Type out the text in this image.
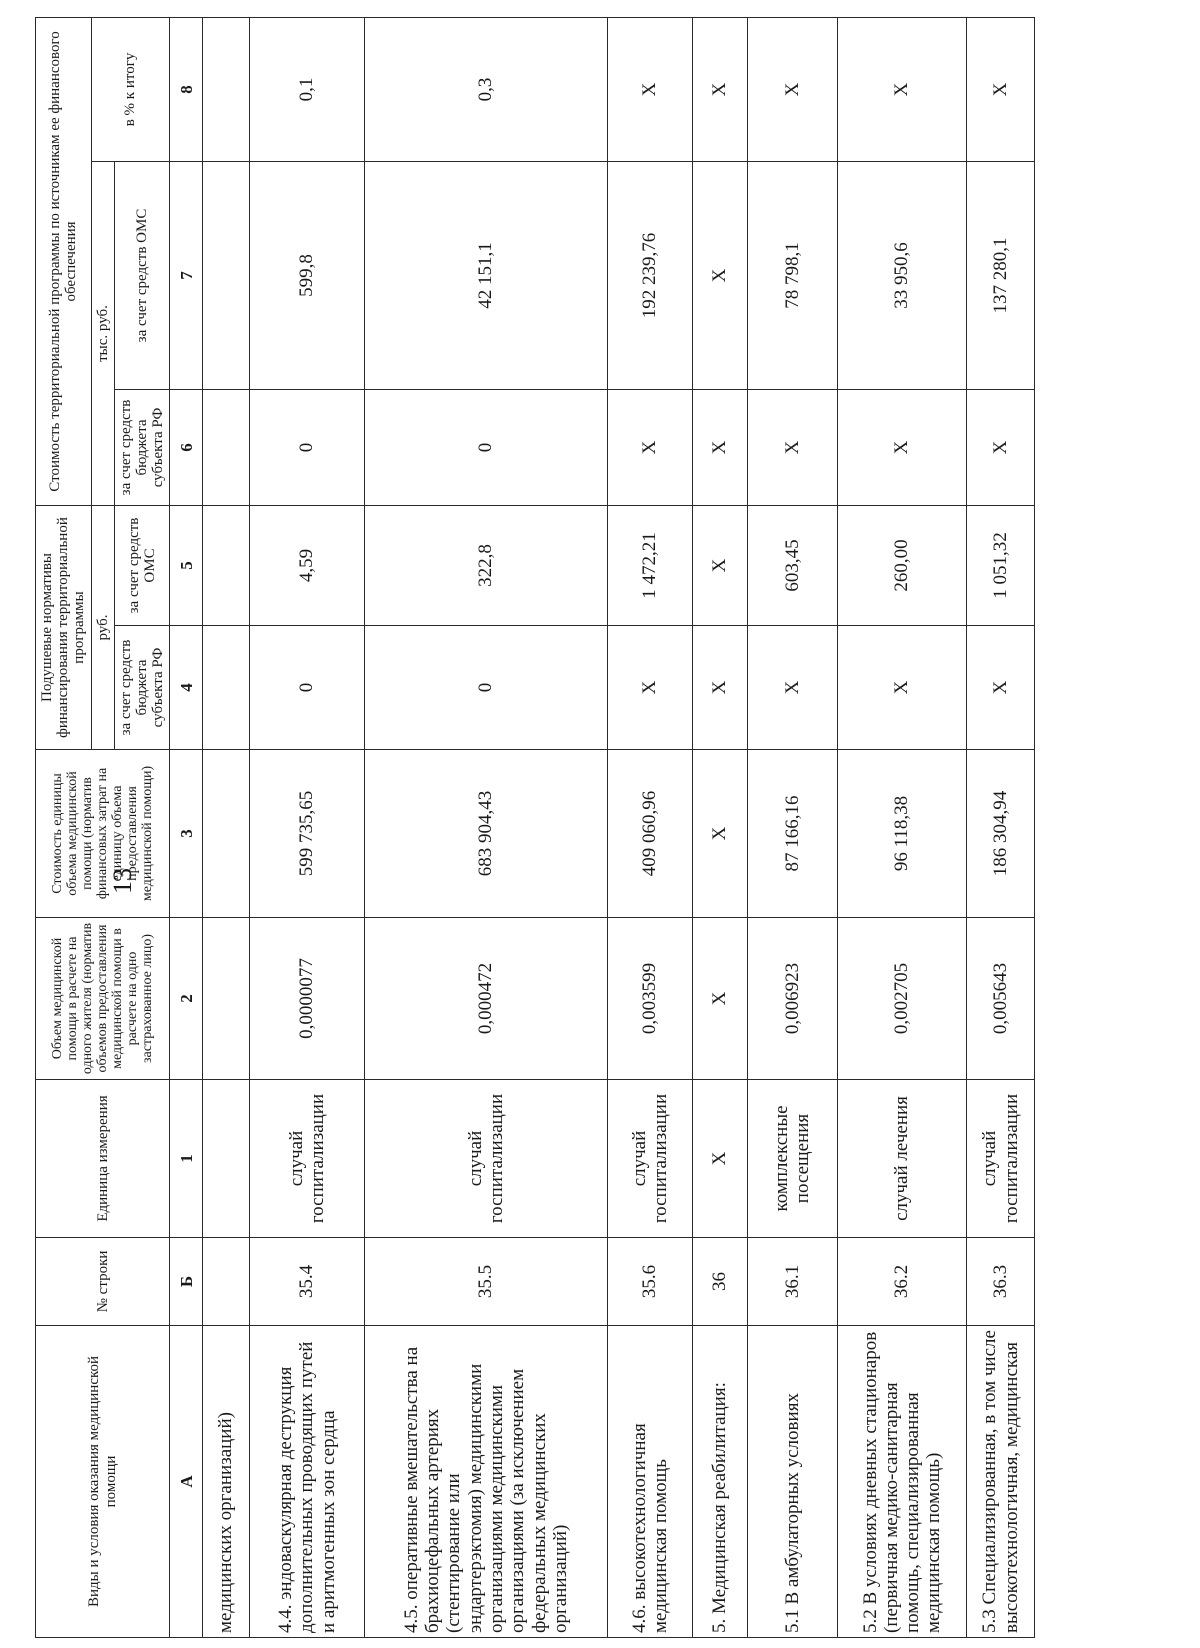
13
Виды и условия оказания медицинской помощи	№ строки	Единица измерения	Объем медицинской помощи в расчете на одного жителя (норматив объемов предоставления медицинской помощи в расчете на одно застрахованное лицо)	Стоимость единицы объема медицинской помощи (норматив финансовых затрат на единицу объема предоставления медицинской помощи)	Подушевые нормативы финансирования территориальной программы		Стоимость территориальной программы по источникам ее финансового обеспечения		
					руб.		тыс. руб.		в % к итогу
					за счет средств бюджета субъекта РФ	за счет средств ОМС	за счет средств бюджета субъекта РФ	за счет средств ОМС	
А	Б	1	2	3	4	5	6	7	8
медицинских организаций)									
4.4. эндоваскулярная деструкция дополнительных проводящих путей и аритмогенных зон сердца	35.4	случай госпитализации	0,0000077	599 735,65	0	4,59	0	599,8	0,1
4.5. оперативные вмешательства на брахиоцефальных артериях (стентирование или эндартерэктомия) медицинскими организациями медицинскими организациями (за исключением федеральных медицинских организаций)	35.5	случай госпитализации	0,000472	683 904,43	0	322,8	0	42 151,1	0,3
4.6. высокотехнологичная медицинская помощь	35.6	случай госпитализации	0,003599	409 060,96	X	1 472,21	X	192 239,76	X
5. Медицинская реабилитация:	36	X	X	X	X	X	X	X	X
5.1 В амбулаторных условиях	36.1	комплексные посещения	0,006923	87 166,16	X	603,45	X	78 798,1	X
5.2 В условиях дневных стационаров (первичная медико-санитарная помощь, специализированная медицинская помощь)	36.2	случай лечения	0,002705	96 118,38	X	260,00	X	33 950,6	X
5.3 Специализированная, в том числе высокотехнологичная, медицинская	36.3	случай госпитализации	0,005643	186 304,94	X	1 051,32	X	137 280,1	X
